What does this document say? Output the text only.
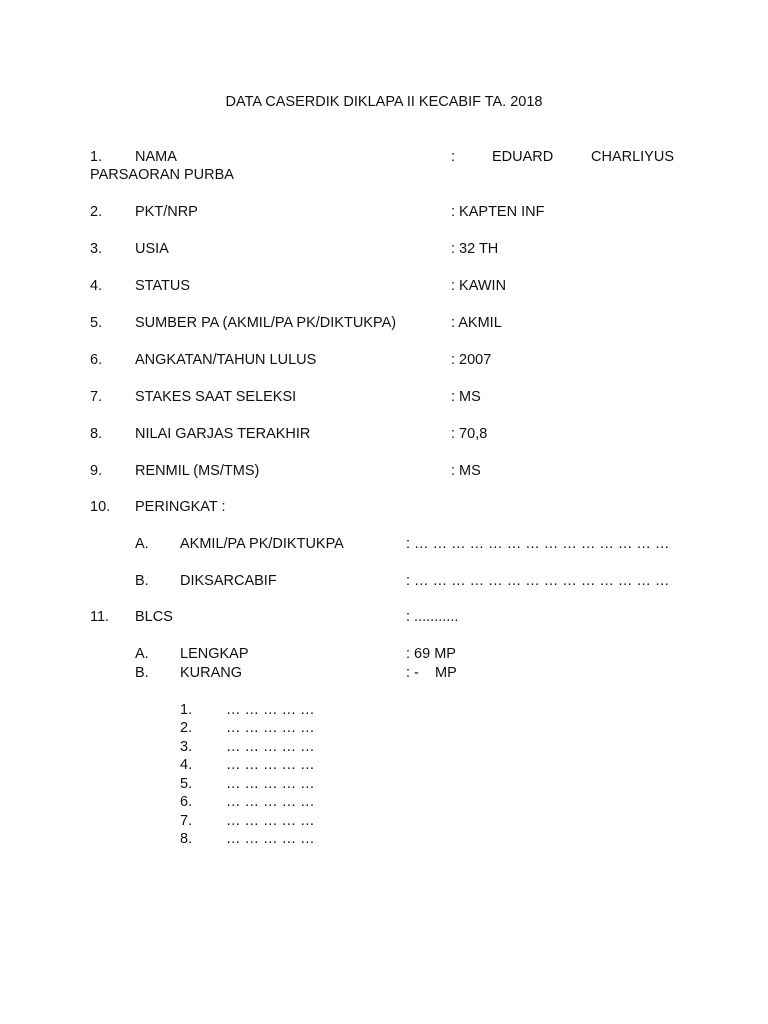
DATA CASERDIK DIKLAPA II KECABIF TA. 2018
1. NAMA	:	EDUARD	CHARLIYUS
PARSAORAN PURBA
2. PKT/NRP	: KAPTEN INF
3. USIA	: 32 TH
4. STATUS	: KAWIN
5. SUMBER PA (AKMIL/PA PK/DIKTUKPA)	: AKMIL
6. ANGKATAN/TAHUN LULUS	: 2007
7. STAKES SAAT SELEKSI	: MS
8. NILAI GARJAS TERAKHIR	: 70,8
9. RENMIL (MS/TMS)	: MS
10. PERINGKAT :
A. AKMIL/PA PK/DIKTUKPA	: … … … … … … … … … … … … … …
B. DIKSARCABIF	: … … … … … … … … … … … … … …
11. BLCS	: ...........
A. LENGKAP	: 69 MP
B. KURANG	: -    MP
1. … … … … …
2. … … … … …
3. … … … … …
4. … … … … …
5. … … … … …
6. … … … … …
7. … … … … …
8. … … … … …
